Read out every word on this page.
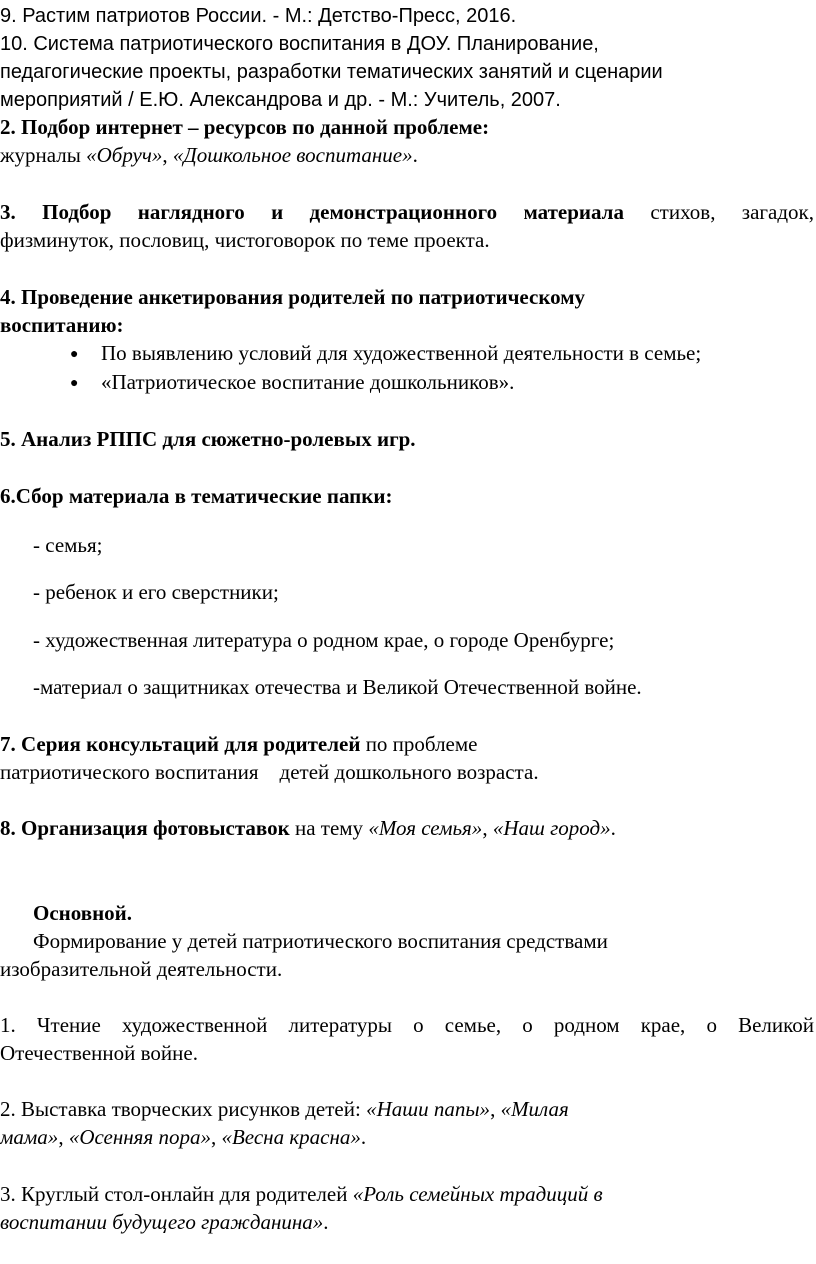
9. Растим патриотов России. - М.: Детство-Пресс, 2016.
10. Система патриотического воспитания в ДОУ. Планирование,
педагогические проекты, разработки тематических занятий и сценарии
мероприятий / Е.Ю. Александрова и др. - М.: Учитель, 2007.
2. Подбор интернет – ресурсов по данной проблеме:
журналы «Обруч», «Дошкольное воспитание».
3. Подбор наглядного и демонстрационного материала стихов, загадок,
физминуток, пословиц, чистоговорок по теме проекта.
4. Проведение анкетирования родителей по патриотическому
воспитанию:
● По выявлению условий для художественной деятельности в семье;
● «Патриотическое воспитание дошкольников».
5. Анализ РППС для сюжетно-ролевых игр.
6.Сбор материала в тематические папки:
- семья;
- ребенок и его сверстники;
- художественная литература о родном крае, о городе Оренбурге;
-материал о защитниках отечества и Великой Отечественной войне.
7. Серия консультаций для родителей по проблеме
патриотического воспитания    детей дошкольного возраста.
8. Организация фотовыставок на тему «Моя семья», «Наш город».
Основной.
Формирование у детей патриотического воспитания средствами
изобразительной деятельности.
1. Чтение художественной литературы о семье, о родном крае, о Великой
Отечественной войне.
2. Выставка творческих рисунков детей: «Наши папы», «Милая
мама», «Осенняя пора», «Весна красна».
3. Круглый стол-онлайн для родителей «Роль семейных традиций в
воспитании будущего гражданина».
